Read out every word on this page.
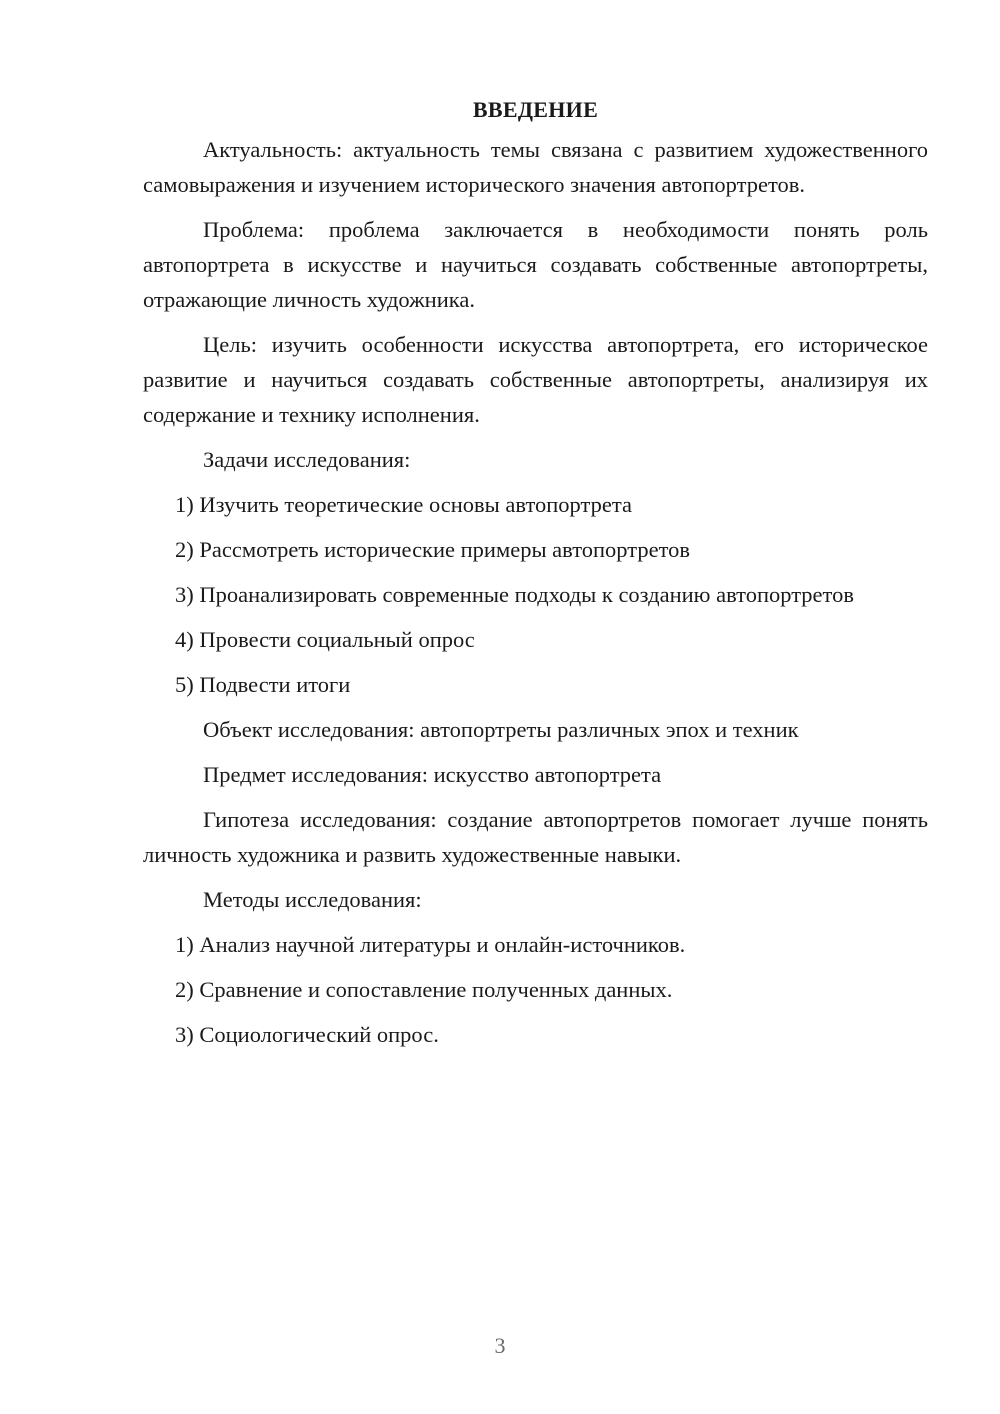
ВВЕДЕНИЕ

Актуальность: актуальность темы связана с развитием художественного самовыражения и изучением исторического значения автопортретов.

Проблема: проблема заключается в необходимости понять роль автопортрета в искусстве и научиться создавать собственные автопортреты, отражающие личность художника.

Цель: изучить особенности искусства автопортрета, его историческое развитие и научиться создавать собственные автопортреты, анализируя их содержание и технику исполнения.

Задачи исследования:

1) Изучить теоретические основы автопортрета

2) Рассмотреть исторические примеры автопортретов

3) Проанализировать современные подходы к созданию автопортретов

4) Провести социальный опрос

5) Подвести итоги

Объект исследования: автопортреты различных эпох и техник

Предмет исследования: искусство автопортрета

Гипотеза исследования: создание автопортретов помогает лучше понять личность художника и развить художественные навыки.

Методы исследования:

1) Анализ научной литературы и онлайн-источников.

2) Сравнение и сопоставление полученных данных.

3) Социологический опрос.

3
